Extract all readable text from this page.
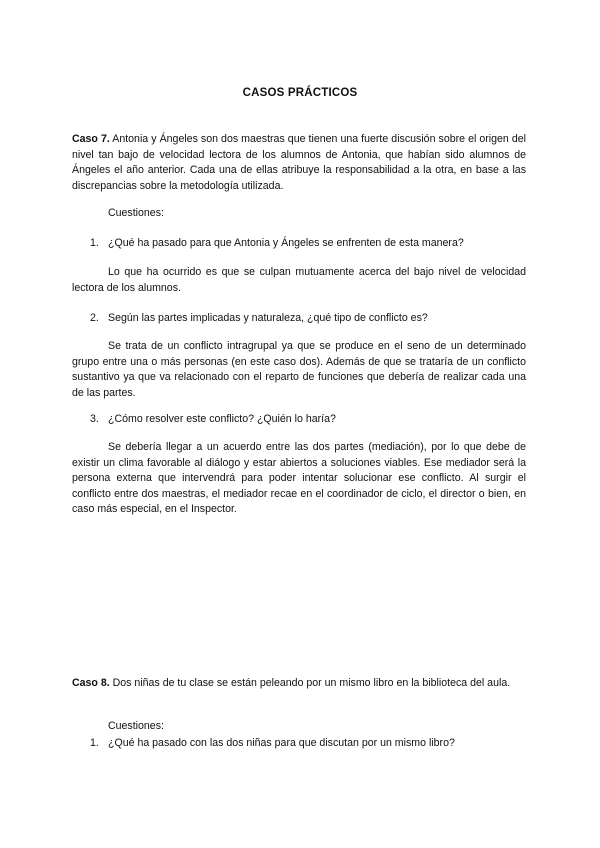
CASOS PRÁCTICOS

Caso 7. Antonia y Ángeles son dos maestras que tienen una fuerte discusión sobre el origen del nivel tan bajo de velocidad lectora de los alumnos de Antonia, que habían sido alumnos de Ángeles el año anterior. Cada una de ellas atribuye la responsabilidad a la otra, en base a las discrepancias sobre la metodología utilizada.

Cuestiones:

1. ¿Qué ha pasado para que Antonia y Ángeles se enfrenten de esta manera?

Lo que ha ocurrido es que se culpan mutuamente acerca del bajo nivel de velocidad lectora de los alumnos.

2. Según las partes implicadas y naturaleza, ¿qué tipo de conflicto es?

Se trata de un conflicto intragrupal ya que se produce en el seno de un determinado grupo entre una o más personas (en este caso dos). Además de que se trataría de un conflicto sustantivo ya que va relacionado con el reparto de funciones que debería de realizar cada una de las partes.

3. ¿Cómo resolver este conflicto? ¿Quién lo haría?

Se debería llegar a un acuerdo entre las dos partes (mediación), por lo que debe de existir un clima favorable al diálogo y estar abiertos a soluciones viables. Ese mediador será la persona externa que intervendrá para poder intentar solucionar ese conflicto. Al surgir el conflicto entre dos maestras, el mediador recae en el coordinador de ciclo, el director o bien, en caso más especial, en el Inspector.

Caso 8. Dos niñas de tu clase se están peleando por un mismo libro en la biblioteca del aula.

Cuestiones:

1. ¿Qué ha pasado con las dos niñas para que discutan por un mismo libro?
